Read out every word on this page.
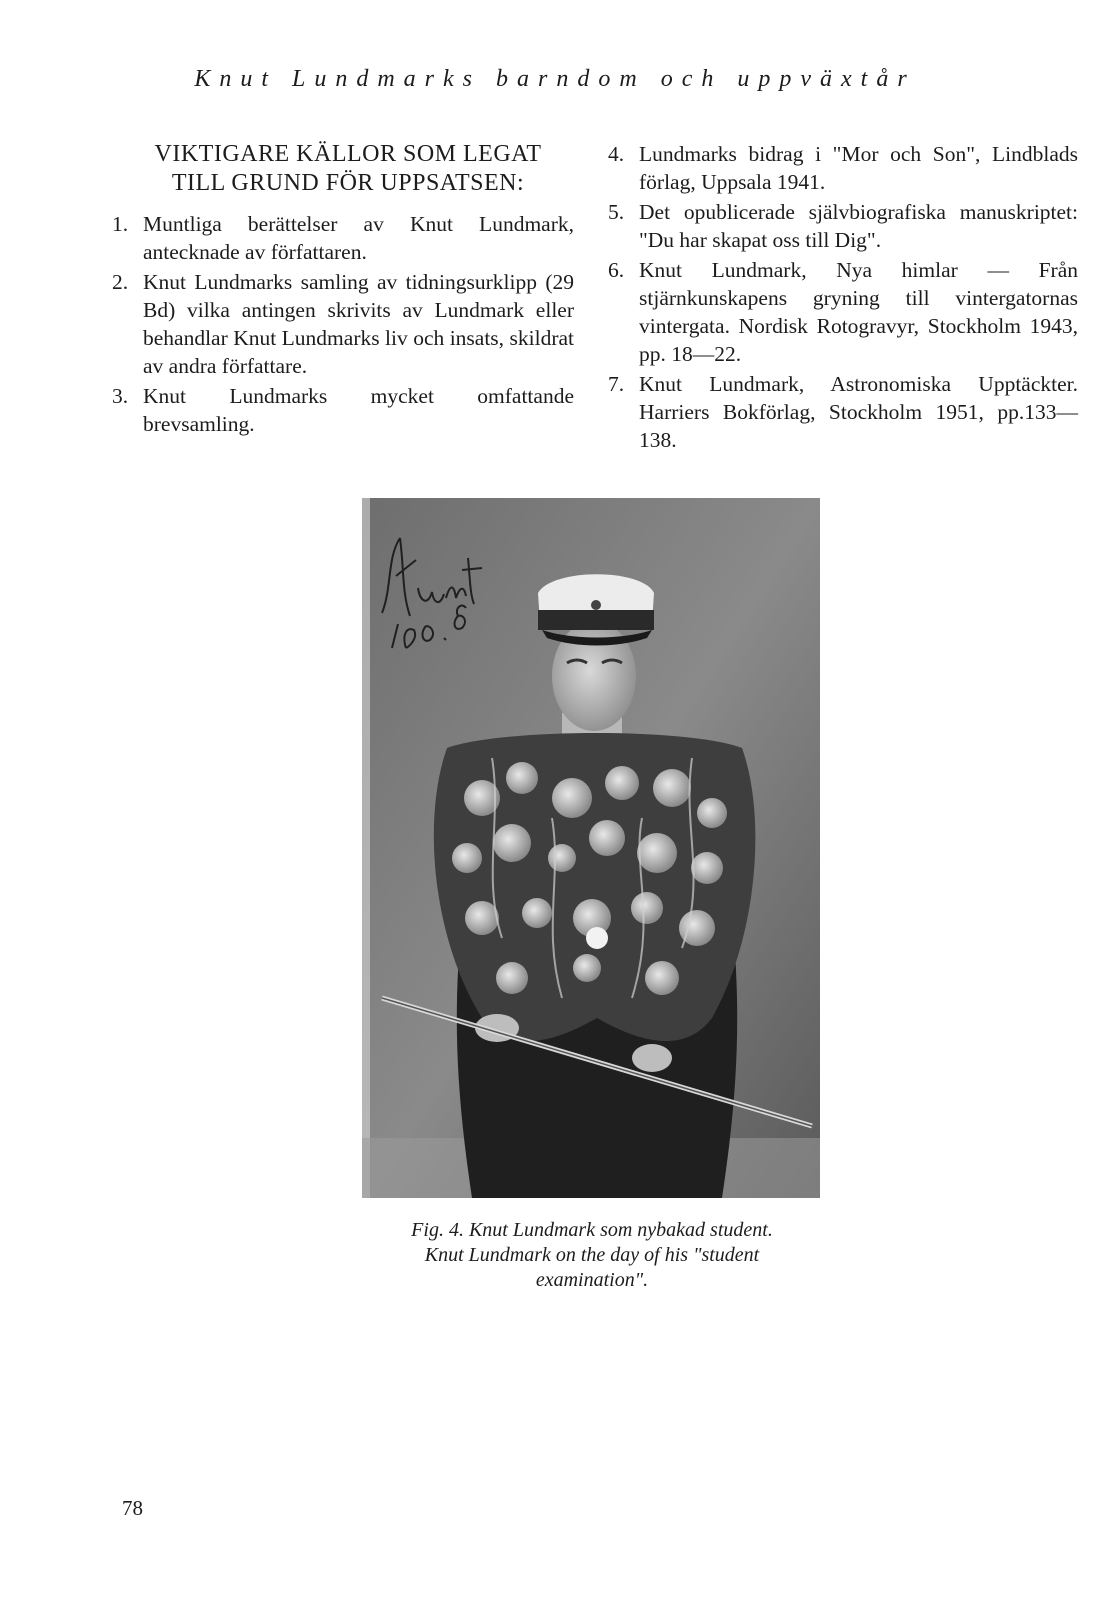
Knut Lundmarks barndom och uppväxtår
VIKTIGARE KÄLLOR SOM LEGAT
TILL GRUND FÖR UPPSATSEN:
1. Muntliga berättelser av Knut Lundmark, antecknade av författaren.
2. Knut Lundmarks samling av tidningsurklipp (29 Bd) vilka antingen skrivits av Lundmark eller behandlar Knut Lundmarks liv och insats, skildrat av andra författare.
3. Knut Lundmarks mycket omfattande brevsamling.
4. Lundmarks bidrag i "Mor och Son", Lindblads förlag, Uppsala 1941.
5. Det opublicerade självbiografiska manuskriptet: "Du har skapat oss till Dig".
6. Knut Lundmark, Nya himlar — Från stjärnkunskapens gryning till vintergatornas vintergata. Nordisk Rotogravyr, Stockholm 1943, pp. 18—22.
7. Knut Lundmark, Astronomiska Upptäckter. Harriers Bokförlag, Stockholm 1951, pp.133—138.
Fig. 4. Knut Lundmark som nybakad student.
Knut Lundmark on the day of his "student
examination".
78
